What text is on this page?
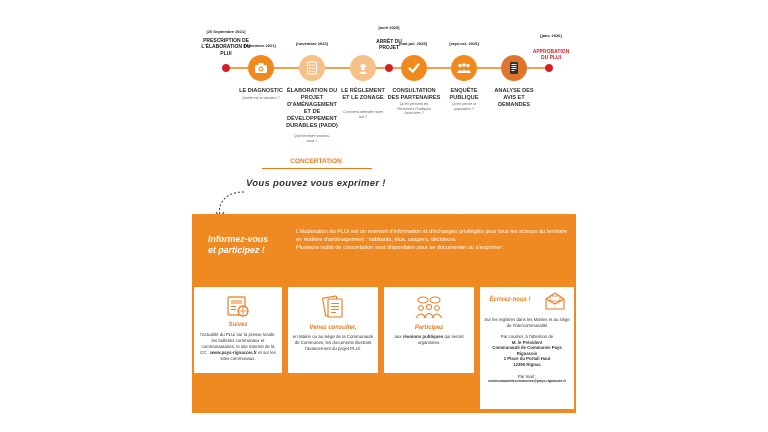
[20 Septembre 2021]
PRESCRIPTION DE L'ÉLABORATION DU PLUI
[décembre 2021]
LE DIAGNOSTIC
Quelle est la situation ?
[novembre 2022]
ÉLABORATION DU PROJET D'AMÉNAGEMENT ET DE DÉVELOPPEMENT DURABLES (PADD)
Quel territoire voulons-nous ?
LE RÈGLEMENT ET LE ZONAGE
Comment atteindre notre but ?
[avril 2025]
ARRÊT DU PROJET
[mai-juil. 2025]
CONSULTATION DES PARTENAIRES
Qu'en pensent les Personnes Publiques Associées ?
[sept-oct. 2025]
ENQUÊTE PUBLIQUE
Qu'en pense la population ?
ANALYSE DES AVIS ET DEMANDES
[janv. 2026]
APPROBATION DU PLUI
CONCERTATION
Vous pouvez vous exprimer !
Informez-vous
et participez !
L'élaboration du PLUi est un moment d'information et d'échanges privilégiés pour tous les acteurs du territoire en matière d'aménagement : habitants, élus, usagers, décideurs.
Plusieurs outils de concertation sont disponibles pour se documenter ou s'exprimer :
Suivez
l'actualité du PLUi sur la presse locale, les bulletins communaux et communautaires, le site internet de la CC : www.pays-rignacois.fr et sur les sites communaux.
Venez consulter,
en Mairie ou au siège de la Communauté de Communes, les documents illustrant l'avancement du projet PLUi.
Participez
aux réunions publiques qui seront organisées.
Écrivez-nous !
Sur les registres dans les Mairies et au siège de l'intercommunalité
Par courrier, à l'attention de
M. le Président
Communauté de Communes Pays Rignacois
1 Place du Portail Haut
12390 Rignac
Par mail :
communautedecommunes@pays-rignacois.fr
